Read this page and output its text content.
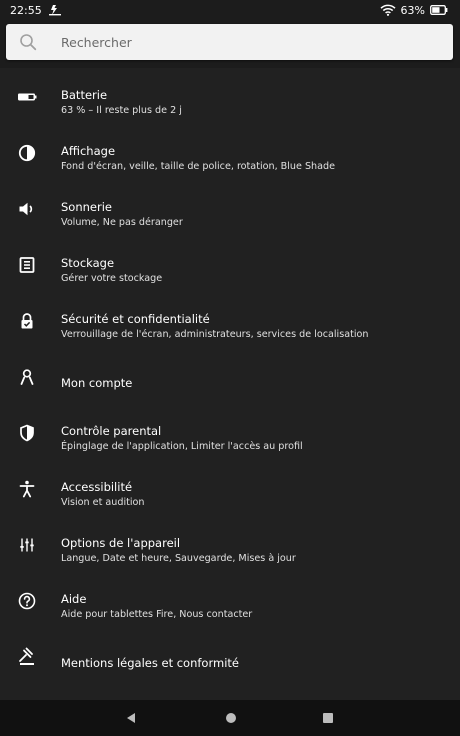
22:55	63%
Rechercher
Batterie
63 % – Il reste plus de 2 j
Affichage
Fond d'écran, veille, taille de police, rotation, Blue Shade
Sonnerie
Volume, Ne pas déranger
Stockage
Gérer votre stockage
Sécurité et confidentialité
Verrouillage de l'écran, administrateurs, services de localisation
Mon compte
Contrôle parental
Épinglage de l'application, Limiter l'accès au profil
Accessibilité
Vision et audition
Options de l'appareil
Langue, Date et heure, Sauvegarde, Mises à jour
Aide
Aide pour tablettes Fire, Nous contacter
Mentions légales et conformité
